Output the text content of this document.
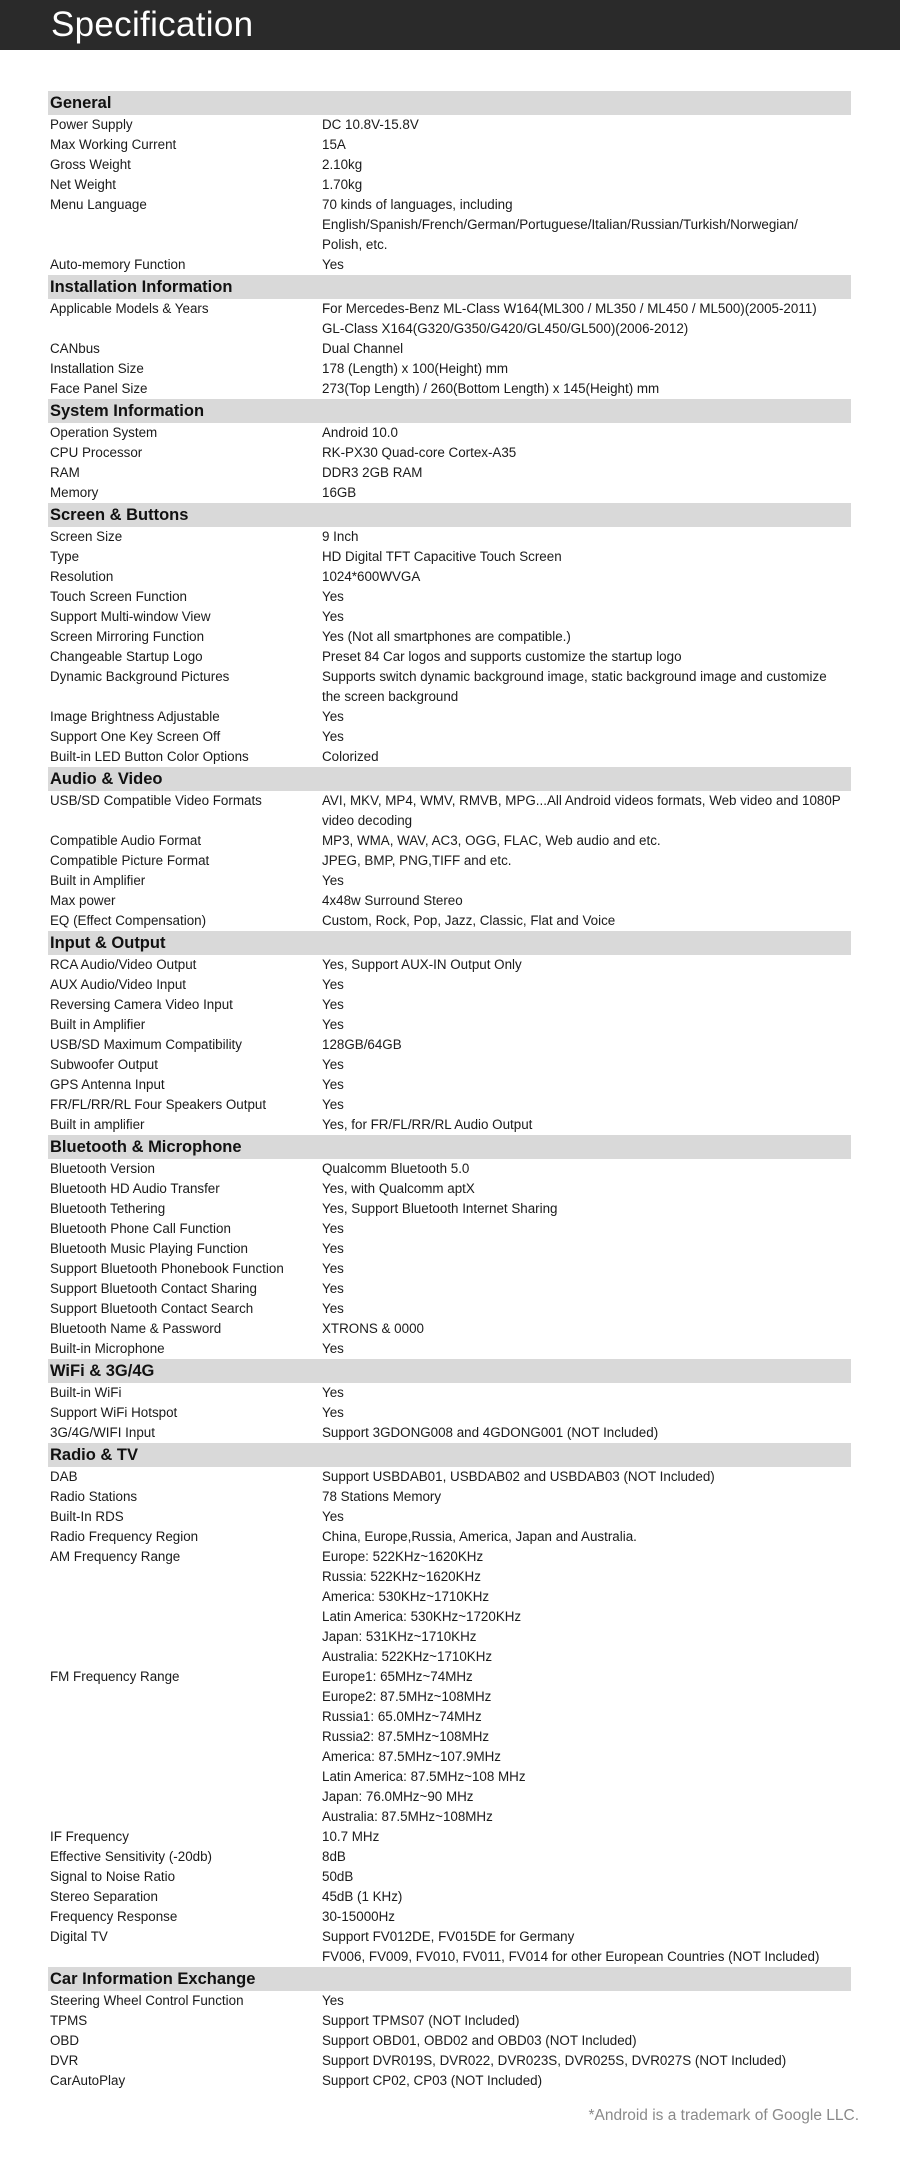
Specification
General
Power Supply	DC 10.8V-15.8V
Max Working Current	15A
Gross Weight	2.10kg
Net Weight	1.70kg
Menu Language	70 kinds of languages, including
English/Spanish/French/German/Portuguese/Italian/Russian/Turkish/Norwegian/
Polish, etc.
Auto-memory Function	Yes
Installation Information
Applicable Models & Years	For Mercedes-Benz ML-Class W164(ML300 / ML350 / ML450 / ML500)(2005-2011)
GL-Class X164(G320/G350/G420/GL450/GL500)(2006-2012)
CANbus	Dual Channel
Installation Size	178 (Length) x 100(Height) mm
Face Panel Size	273(Top Length) / 260(Bottom Length) x 145(Height) mm
System Information
Operation System	Android 10.0
CPU Processor	RK-PX30 Quad-core Cortex-A35
RAM	DDR3 2GB RAM
Memory	16GB
Screen & Buttons
Screen Size	9 Inch
Type	HD Digital TFT Capacitive Touch Screen
Resolution	1024*600WVGA
Touch Screen Function	Yes
Support Multi-window View	Yes
Screen Mirroring Function	Yes (Not all smartphones are compatible.)
Changeable Startup Logo	Preset 84 Car logos and supports customize the startup logo
Dynamic Background Pictures	Supports switch dynamic background image, static background image and customize
the screen background
Image Brightness Adjustable	Yes
Support One Key Screen Off	Yes
Built-in LED Button Color Options	Colorized
Audio & Video
USB/SD Compatible Video Formats	AVI, MKV, MP4, WMV, RMVB, MPG...All Android videos formats, Web video and 1080P
video decoding
Compatible Audio Format	MP3, WMA, WAV, AC3, OGG, FLAC, Web audio and etc.
Compatible Picture Format	JPEG, BMP, PNG,TIFF and etc.
Built in Amplifier	Yes
Max power	4x48w Surround Stereo
EQ (Effect Compensation)	Custom, Rock, Pop, Jazz, Classic, Flat and Voice
Input & Output
RCA Audio/Video Output	Yes, Support AUX-IN Output Only
AUX Audio/Video Input	Yes
Reversing Camera Video Input	Yes
Built in Amplifier	Yes
USB/SD Maximum Compatibility	128GB/64GB
Subwoofer Output	Yes
GPS Antenna Input	Yes
FR/FL/RR/RL Four Speakers Output	Yes
Built in amplifier	Yes, for FR/FL/RR/RL Audio Output
Bluetooth & Microphone
Bluetooth Version	Qualcomm Bluetooth 5.0
Bluetooth HD Audio Transfer	Yes, with Qualcomm aptX
Bluetooth Tethering	Yes, Support Bluetooth Internet Sharing
Bluetooth Phone Call Function	Yes
Bluetooth Music Playing Function	Yes
Support Bluetooth Phonebook Function	Yes
Support Bluetooth Contact Sharing	Yes
Support Bluetooth Contact Search	Yes
Bluetooth Name & Password	XTRONS & 0000
Built-in Microphone	Yes
WiFi & 3G/4G
Built-in WiFi	Yes
Support WiFi Hotspot	Yes
3G/4G/WIFI Input	Support 3GDONG008 and 4GDONG001 (NOT Included)
Radio & TV
DAB	Support USBDAB01, USBDAB02 and USBDAB03 (NOT Included)
Radio Stations	78 Stations Memory
Built-In RDS	Yes
Radio Frequency Region	China, Europe,Russia, America, Japan and Australia.
AM Frequency Range	Europe: 522KHz~1620KHz
Russia: 522KHz~1620KHz
America: 530KHz~1710KHz
Latin America: 530KHz~1720KHz
Japan: 531KHz~1710KHz
Australia: 522KHz~1710KHz
FM Frequency Range	Europe1: 65MHz~74MHz
Europe2: 87.5MHz~108MHz
Russia1: 65.0MHz~74MHz
Russia2: 87.5MHz~108MHz
America: 87.5MHz~107.9MHz
Latin America: 87.5MHz~108 MHz
Japan: 76.0MHz~90 MHz
Australia: 87.5MHz~108MHz
IF Frequency	10.7 MHz
Effective Sensitivity (-20db)	8dB
Signal to Noise Ratio	50dB
Stereo Separation	45dB (1 KHz)
Frequency Response	30-15000Hz
Digital TV	Support FV012DE, FV015DE for Germany
FV006, FV009, FV010, FV011, FV014 for other European Countries (NOT Included)
Car Information Exchange
Steering Wheel Control Function	Yes
TPMS	Support TPMS07 (NOT Included)
OBD	Support OBD01, OBD02 and OBD03 (NOT Included)
DVR	Support DVR019S, DVR022, DVR023S, DVR025S, DVR027S (NOT Included)
CarAutoPlay	Support CP02, CP03 (NOT Included)
*Android is a trademark of Google LLC.
